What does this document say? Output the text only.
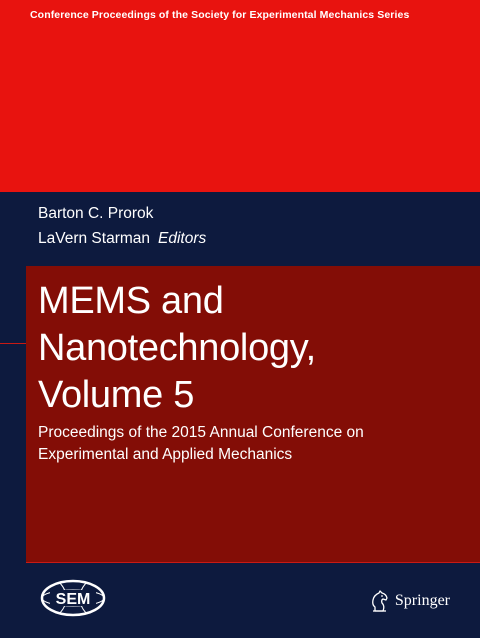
Conference Proceedings of the Society for Experimental Mechanics Series
Barton C. Prorok
LaVern Starman Editors
MEMS and
Nanotechnology,
Volume 5
Proceedings of the 2015 Annual Conference on
Experimental and Applied Mechanics
SEM	Springer
